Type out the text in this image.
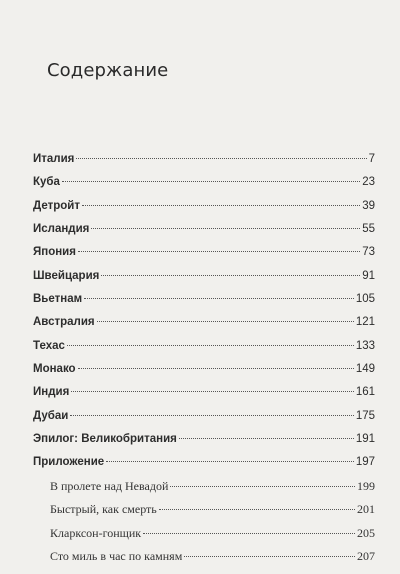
Содержание
Италия	7
Куба	23
Детройт	39
Исландия	55
Япония	73
Швейцария	91
Вьетнам	105
Австралия	121
Техас	133
Монако	149
Индия	161
Дубаи	175
Эпилог: Великобритания	191
Приложение	197
В пролете над Невадой	199
Быстрый, как смерть	201
Кларксон-гонщик	205
Сто миль в час по камням	207
